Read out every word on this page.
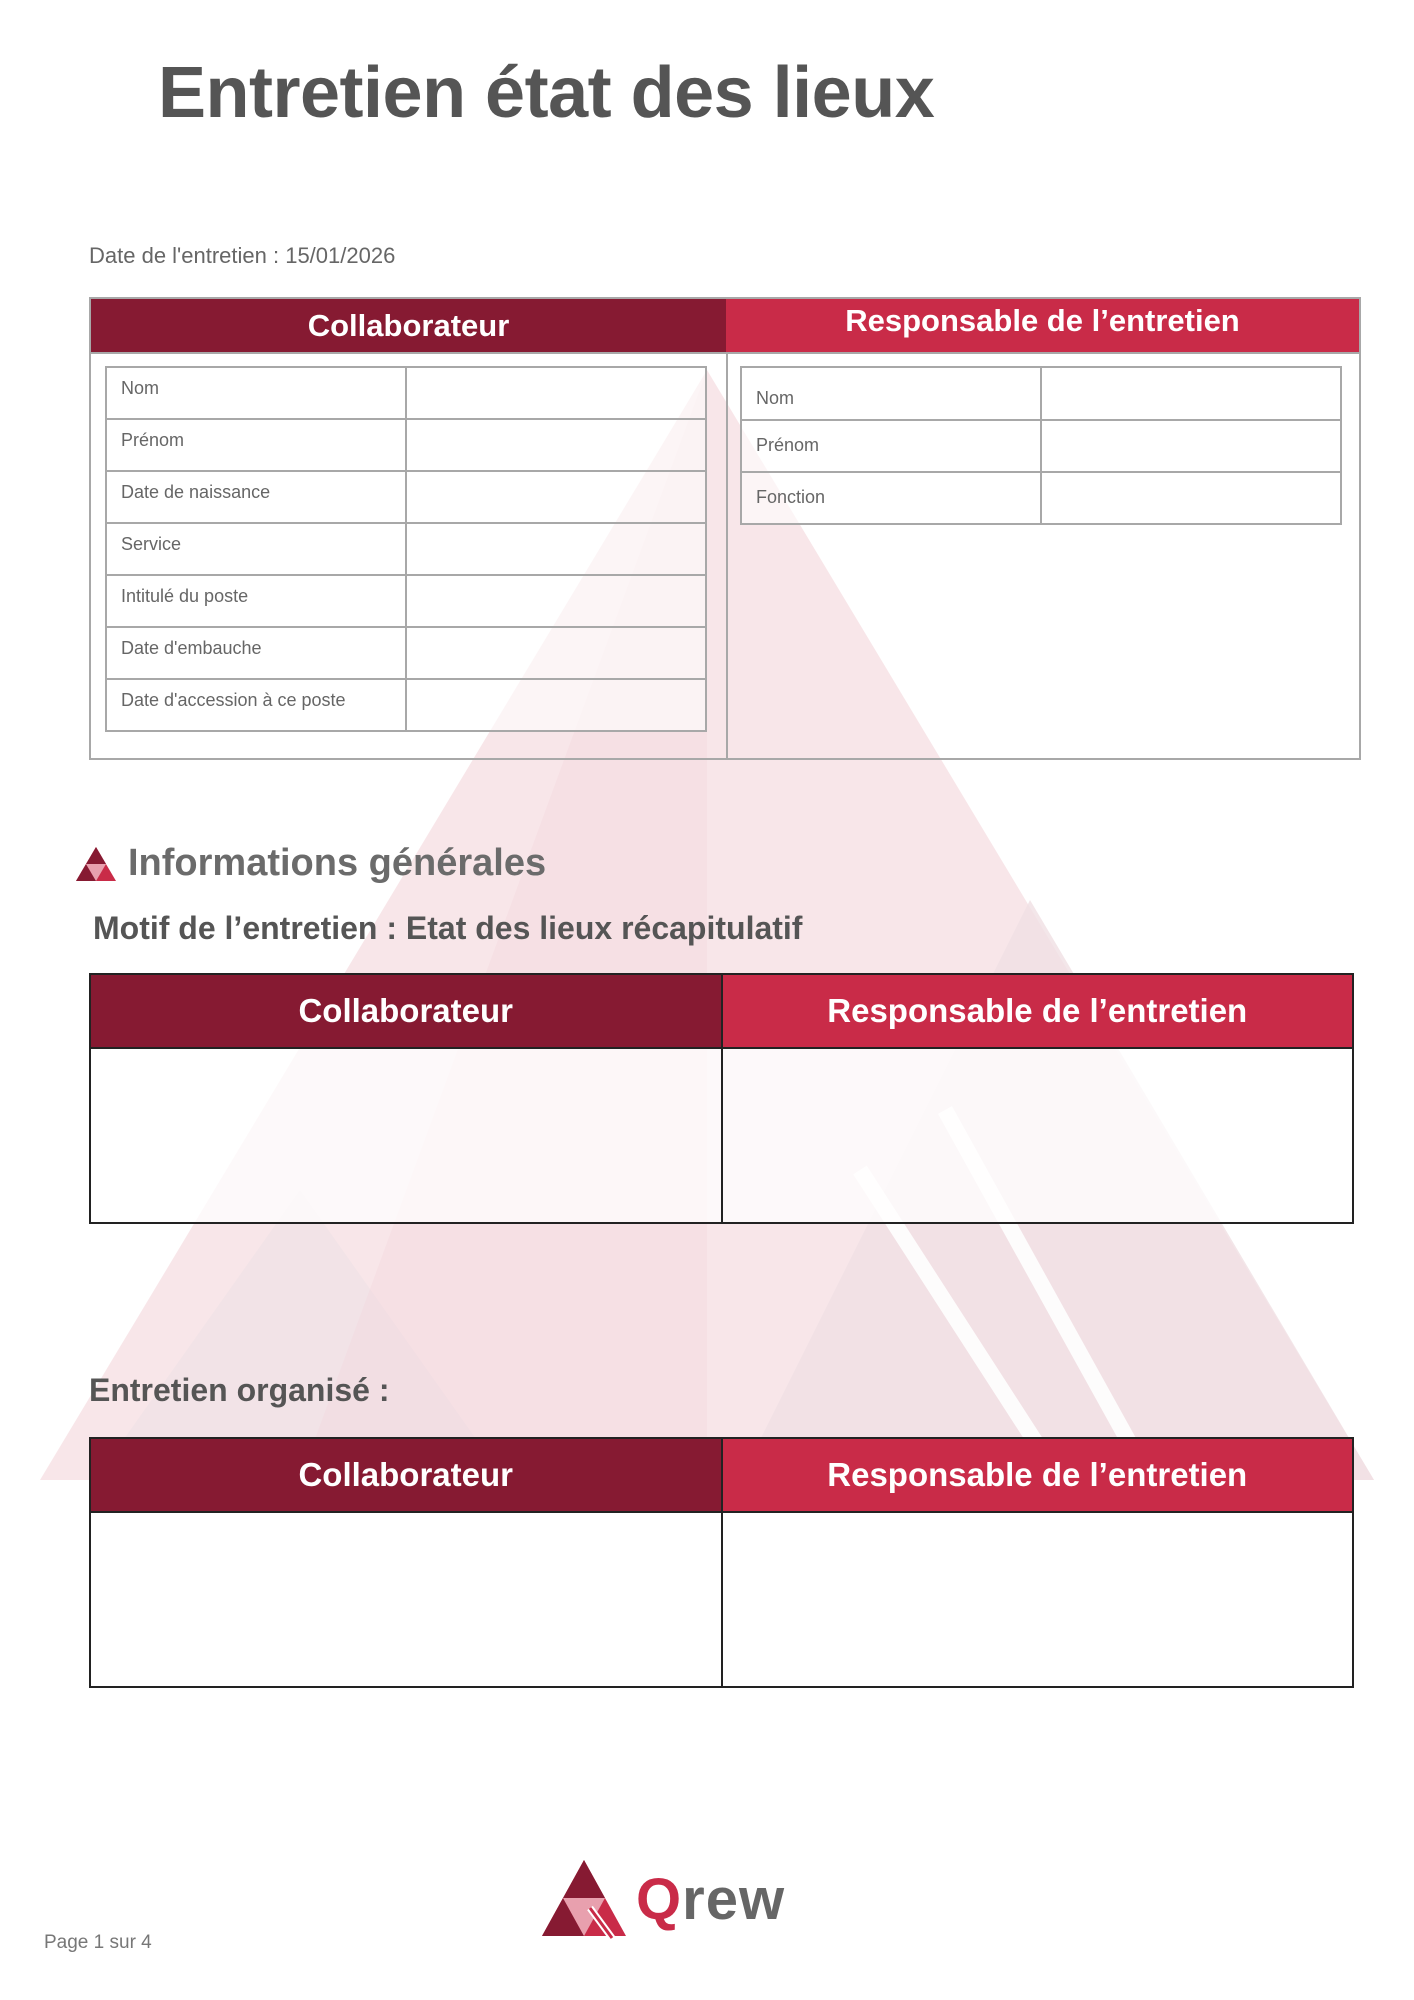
Entretien état des lieux
Date de l'entretien : 15/01/2026
Collaborateur
Nom	
Prénom	
Date de naissance	
Service	
Intitulé du poste	
Date d'embauche	
Date d'accession à ce poste	
Responsable de l’entretien
Nom	
Prénom	
Fonction	
Informations générales
Motif de l’entretien : Etat des lieux récapitulatif
Collaborateur	Responsable de l’entretien

Entretien organisé :
Collaborateur	Responsable de l’entretien

Page 1 sur 4
Qrew
